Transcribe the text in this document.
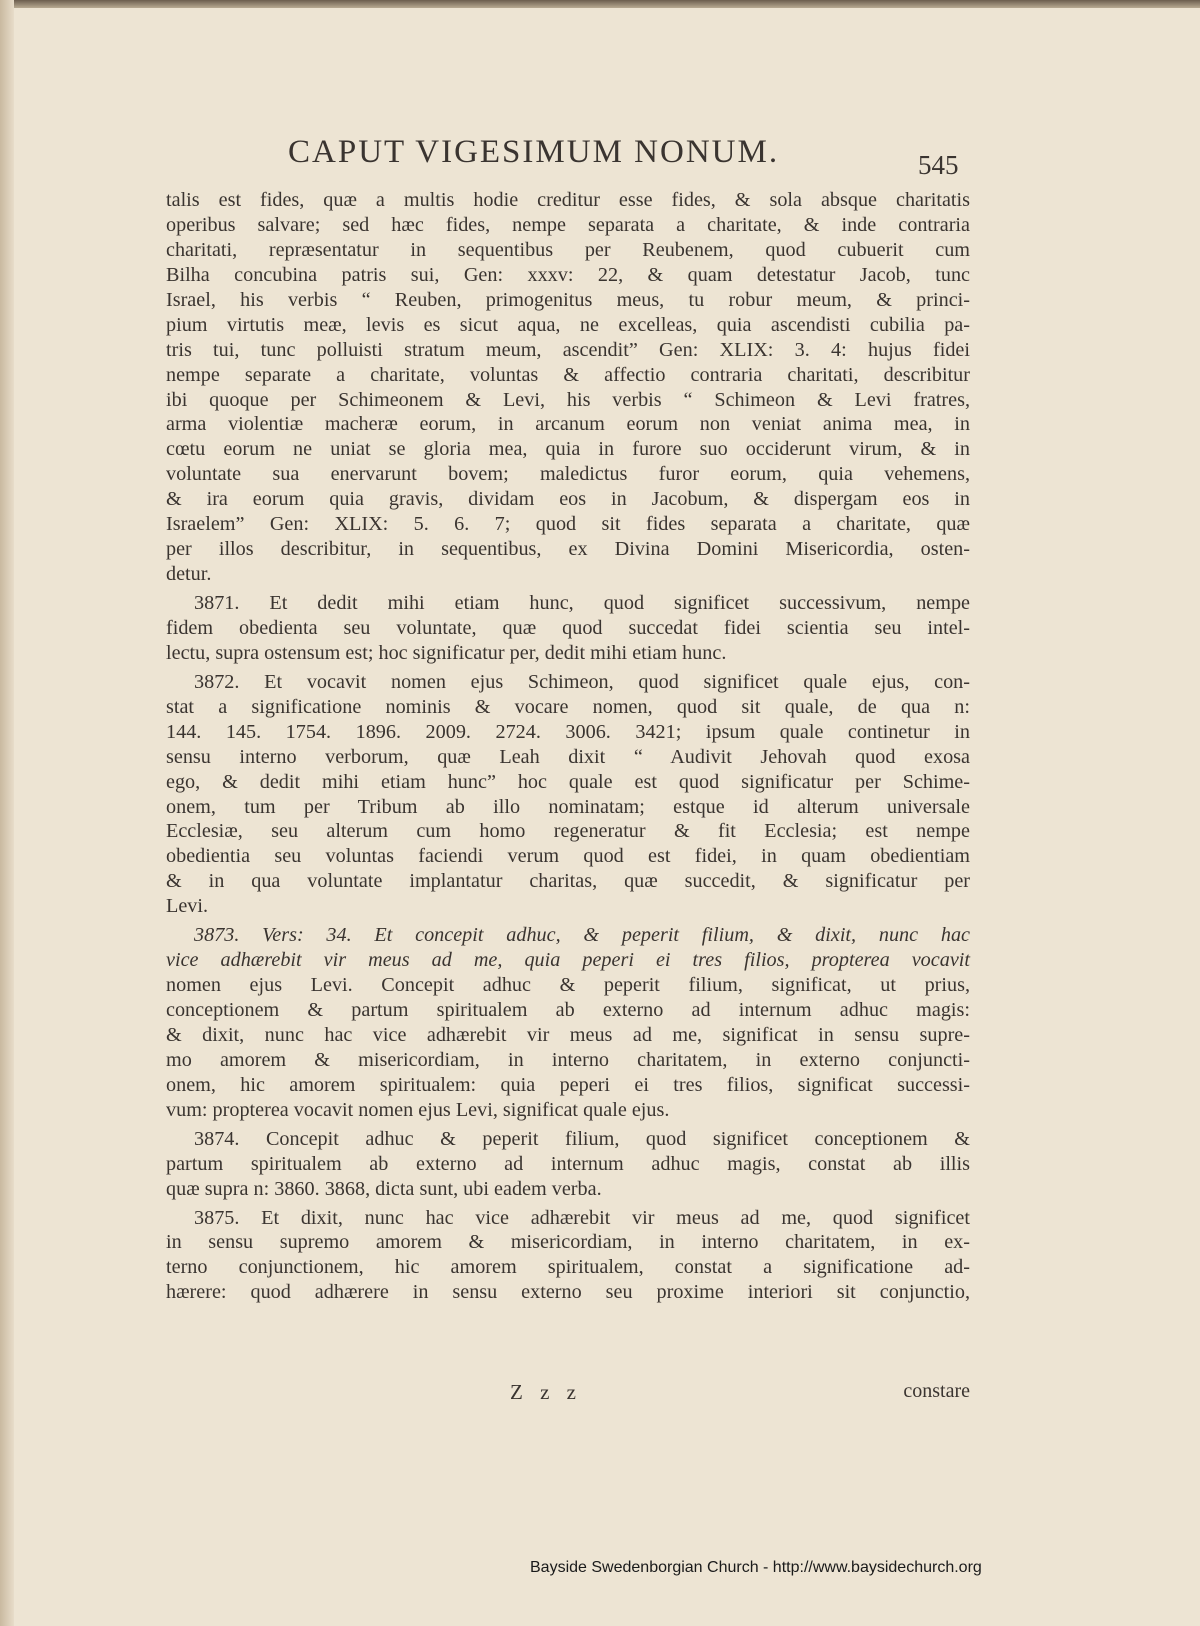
CAPUT VIGESIMUM NONUM.	545
talis est fides, quæ a multis hodie creditur esse fides, & sola absque charitatis
operibus salvare; sed hæc fides, nempe separata a charitate, & inde contraria
charitati, repræsentatur in sequentibus per Reubenem, quod cubuerit cum
Bilha concubina patris sui, Gen: xxxv: 22, & quam detestatur Jacob, tunc
Israel, his verbis “ Reuben, primogenitus meus, tu robur meum, & princi-
pium virtutis meæ, levis es sicut aqua, ne excelleas, quia ascendisti cubilia pa-
tris tui, tunc polluisti stratum meum, ascendit” Gen: XLIX: 3. 4: hujus fidei
nempe separate a charitate, voluntas & affectio contraria charitati, describitur
ibi quoque per Schimeonem & Levi, his verbis “ Schimeon & Levi fratres,
arma violentiæ macheræ eorum, in arcanum eorum non veniat anima mea, in
cœtu eorum ne uniat se gloria mea, quia in furore suo occiderunt virum, & in
voluntate sua enervarunt bovem; maledictus furor eorum, quia vehemens,
& ira eorum quia gravis, dividam eos in Jacobum, & dispergam eos in
Israelem” Gen: XLIX: 5. 6. 7; quod sit fides separata a charitate, quæ
per illos describitur, in sequentibus, ex Divina Domini Misericordia, osten-
detur.
3871. Et dedit mihi etiam hunc, quod significet successivum, nempe
fidem obedienta seu voluntate, quæ quod succedat fidei scientia seu intel-
lectu, supra ostensum est; hoc significatur per, dedit mihi etiam hunc.
3872. Et vocavit nomen ejus Schimeon, quod significet quale ejus, con-
stat a significatione nominis & vocare nomen, quod sit quale, de qua n:
144. 145. 1754. 1896. 2009. 2724. 3006. 3421; ipsum quale continetur in
sensu interno verborum, quæ Leah dixit “ Audivit Jehovah quod exosa
ego, & dedit mihi etiam hunc” hoc quale est quod significatur per Schime-
onem, tum per Tribum ab illo nominatam; estque id alterum universale
Ecclesiæ, seu alterum cum homo regeneratur & fit Ecclesia; est nempe
obedientia seu voluntas faciendi verum quod est fidei, in quam obedientiam
& in qua voluntate implantatur charitas, quæ succedit, & significatur per
Levi.
3873. Vers: 34. Et concepit adhuc, & peperit filium, & dixit, nunc hac
vice adhærebit vir meus ad me, quia peperi ei tres filios, propterea vocavit
nomen ejus Levi. Concepit adhuc & peperit filium, significat, ut prius,
conceptionem & partum spiritualem ab externo ad internum adhuc magis:
& dixit, nunc hac vice adhærebit vir meus ad me, significat in sensu supre-
mo amorem & misericordiam, in interno charitatem, in externo conjuncti-
onem, hic amorem spiritualem: quia peperi ei tres filios, significat successi-
vum: propterea vocavit nomen ejus Levi, significat quale ejus.
3874. Concepit adhuc & peperit filium, quod significet conceptionem &
partum spiritualem ab externo ad internum adhuc magis, constat ab illis
quæ supra n: 3860. 3868, dicta sunt, ubi eadem verba.
3875. Et dixit, nunc hac vice adhærebit vir meus ad me, quod significet
in sensu supremo amorem & misericordiam, in interno charitatem, in ex-
terno conjunctionem, hic amorem spiritualem, constat a significatione ad-
hærere: quod adhærere in sensu externo seu proxime interiori sit conjunctio,
Z z z	constare
Bayside Swedenborgian Church - http://www.baysidechurch.org
